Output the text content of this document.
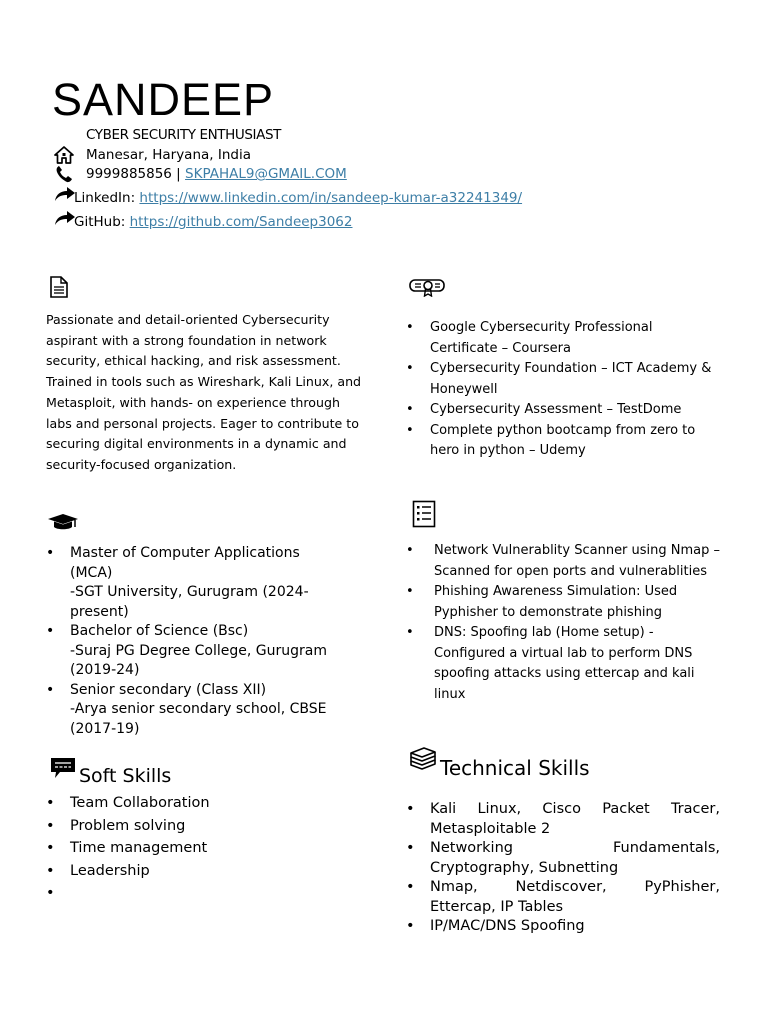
SANDEEP
CYBER SECURITY ENTHUSIAST
Manesar, Haryana, India
9999885856 | SKPAHAL9@GMAIL.COM
LinkedIn: https://www.linkedin.com/in/sandeep-kumar-a32241349/
GitHub: https://github.com/Sandeep3062
Passionate and detail-oriented Cybersecurity aspirant with a strong foundation in network security, ethical hacking, and risk assessment. Trained in tools such as Wireshark, Kali Linux, and Metasploit, with hands- on experience through labs and personal projects. Eager to contribute to securing digital environments in a dynamic and security-focused organization.
• Google Cybersecurity Professional Certificate – Coursera
• Cybersecurity Foundation – ICT Academy & Honeywell
• Cybersecurity Assessment – TestDome
• Complete python bootcamp from zero to hero in python – Udemy
• Master of Computer Applications (MCA)
-SGT University, Gurugram (2024-present)
• Bachelor of Science (Bsc)
-Suraj PG Degree College, Gurugram (2019-24)
• Senior secondary (Class XII)
-Arya senior secondary school, CBSE (2017-19)
• Network Vulnerablity Scanner using Nmap –Scanned for open ports and vulnerablities
• Phishing Awareness Simulation: Used Pyphisher to demonstrate phishing
• DNS: Spoofing lab (Home setup) - Configured a virtual lab to perform DNS spoofing attacks using ettercap and kali linux
Soft Skills
• Team Collaboration
• Problem solving
• Time management
• Leadership
•
Technical Skills
• Kali Linux, Cisco Packet Tracer, Metasploitable 2
• Networking Fundamentals, Cryptography, Subnetting
• Nmap, Netdiscover, PyPhisher, Ettercap, IP Tables
• IP/MAC/DNS Spoofing
